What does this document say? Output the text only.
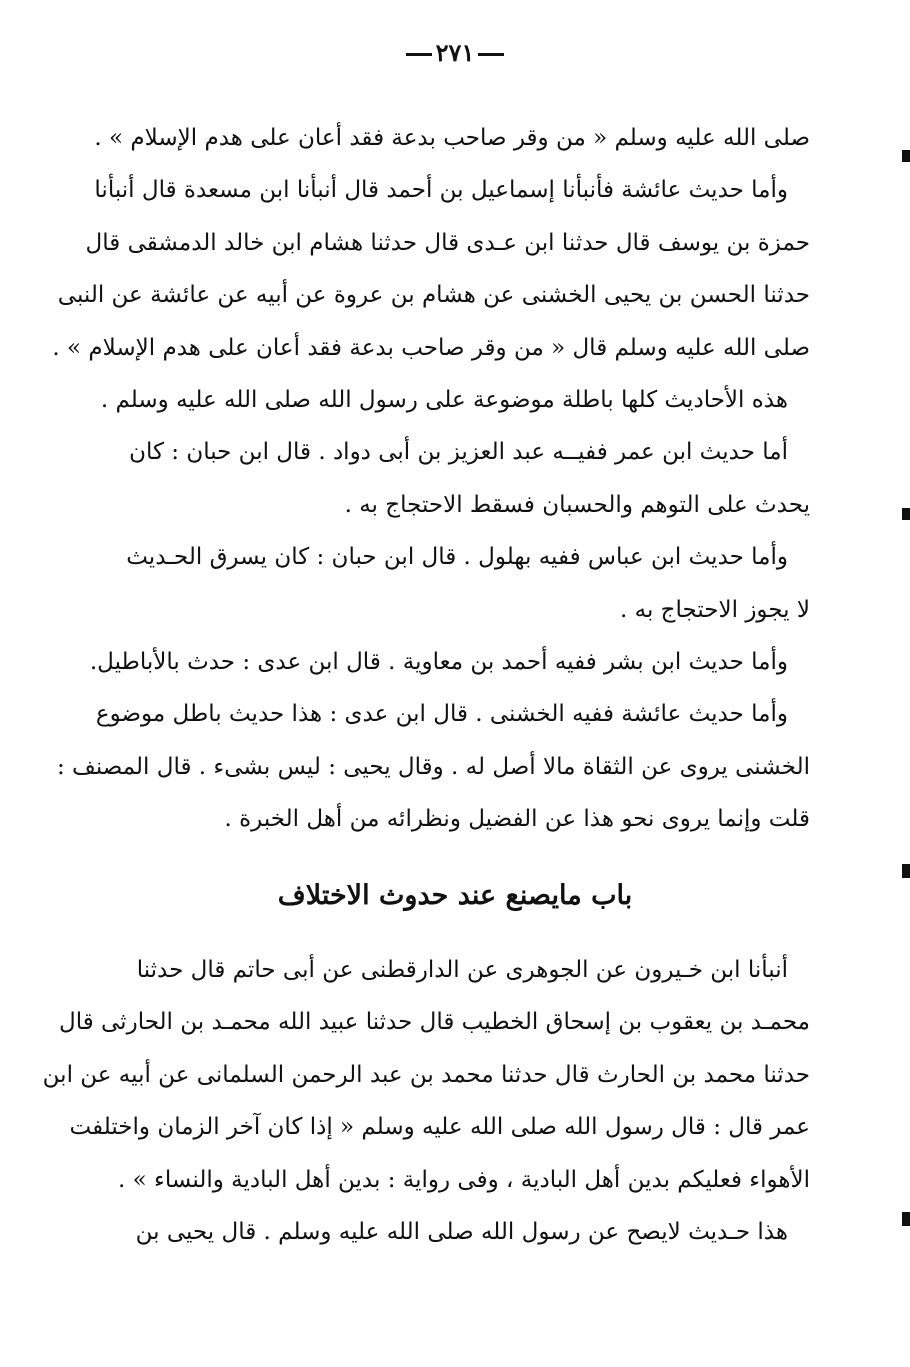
٢٧١
صلى الله عليه وسلم « من وقر صاحب بدعة فقد أعان على هدم الإسلام » .
وأما حديث عائشة فأنبأنا إسماعيل بن أحمد قال أنبأنا ابن مسعدة قال أنبأنا
حمزة بن يوسف قال حدثنا ابن عـدى قال حدثنا هشام ابن خالد الدمشقى قال
حدثنا الحسن بن يحيى الخشنى عن هشام بن عروة عن أبيه عن عائشة عن النبى
صلى الله عليه وسلم قال « من وقر صاحب بدعة فقد أعان على هدم الإسلام » .
هذه الأحاديث كلها باطلة موضوعة على رسول الله صلى الله عليه وسلم .
أما حديث ابن عمر ففيــه عبد العزيز بن أبى دواد . قال ابن حبان : كان
يحدث على التوهم والحسبان فسقط الاحتجاج به .
وأما حديث ابن عباس ففيه بهلول . قال ابن حبان : كان يسرق الحـديث
لا يجوز الاحتجاج به .
وأما حديث ابن بشر ففيه أحمد بن معاوية . قال ابن عدى : حدث بالأباطيل.
وأما حديث عائشة ففيه الخشنى . قال ابن عدى : هذا حديث باطل موضوع
الخشنى يروى عن الثقاة مالا أصل له . وقال يحيى : ليس بشىء . قال المصنف :
قلت وإنما يروى نحو هذا عن الفضيل ونظرائه من أهل الخبرة .
باب مايصنع عند حدوث الاختلاف
أنبأنا ابن خـيرون عن الجوهرى عن الدارقطنى عن أبى حاتم قال حدثنا
محمـد بن يعقوب بن إسحاق الخطيب قال حدثنا عبيد الله محمـد بن الحارثى قال
حدثنا محمد بن الحارث قال حدثنا محمد بن عبد الرحمن السلمانى عن أبيه عن ابن
عمر قال : قال رسول الله صلى الله عليه وسلم « إذا كان آخر الزمان واختلفت
الأهواء فعليكم بدين أهل البادية ، وفى رواية : بدين أهل البادية والنساء » .
هذا حـديث لايصح عن رسول الله صلى الله عليه وسلم . قال يحيى بن
